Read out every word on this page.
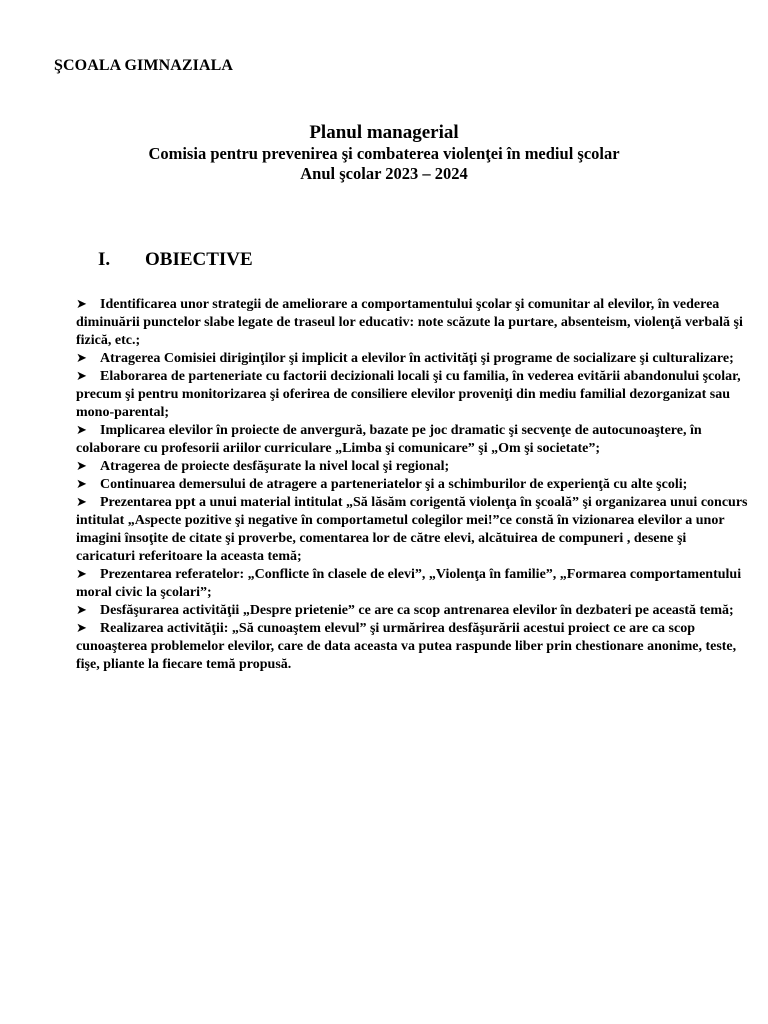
ŞCOALA GIMNAZIALA
Planul managerial
Comisia pentru prevenirea şi combaterea violenţei în mediul şcolar
Anul şcolar 2023 – 2024
I.	OBIECTIVE
➤ Identificarea unor strategii de ameliorare a comportamentului şcolar şi comunitar al elevilor, în vederea diminuării punctelor slabe legate de traseul lor educativ: note scăzute la purtare, absenteism, violenţă verbală şi fizică, etc.;
➤ Atragerea Comisiei diriginţilor şi implicit a elevilor în activităţi şi programe de socializare şi culturalizare;
➤ Elaborarea de parteneriate cu factorii decizionali locali şi cu familia, în vederea evitării abandonului şcolar, precum şi pentru monitorizarea şi oferirea de consiliere elevilor proveniţi din mediu familial dezorganizat sau mono-parental;
➤ Implicarea elevilor în proiecte de anvergură, bazate pe joc dramatic şi secvenţe de autocunoaştere, în colaborare cu profesorii ariilor curriculare „Limba şi comunicare” şi „Om şi societate”;
➤ Atragerea de proiecte desfăşurate la nivel local şi regional;
➤ Continuarea demersului de atragere a parteneriatelor şi a schimburilor de experienţă cu alte şcoli;
➤ Prezentarea ppt a unui material intitulat „Să lăsăm corigentă violenţa în şcoală” şi organizarea unui concurs intitulat „Aspecte pozitive şi negative în comportametul colegilor mei!”ce constă în vizionarea elevilor a unor imagini însoţite de citate şi proverbe, comentarea lor de către elevi, alcătuirea de compuneri , desene şi caricaturi referitoare la aceasta temă;
➤ Prezentarea referatelor: „Conflicte în clasele de elevi”, „Violenţa în familie”, „Formarea comportamentului moral civic la şcolari”;
➤ Desfăşurarea activităţii „Despre prietenie” ce are ca scop antrenarea elevilor în dezbateri pe această temă;
➤ Realizarea activităţii: „Să cunoaştem elevul” şi urmărirea desfăşurării acestui proiect ce are ca scop cunoaşterea problemelor elevilor, care de data aceasta va putea raspunde liber prin chestionare anonime, teste, fişe, pliante la fiecare temă propusă.
